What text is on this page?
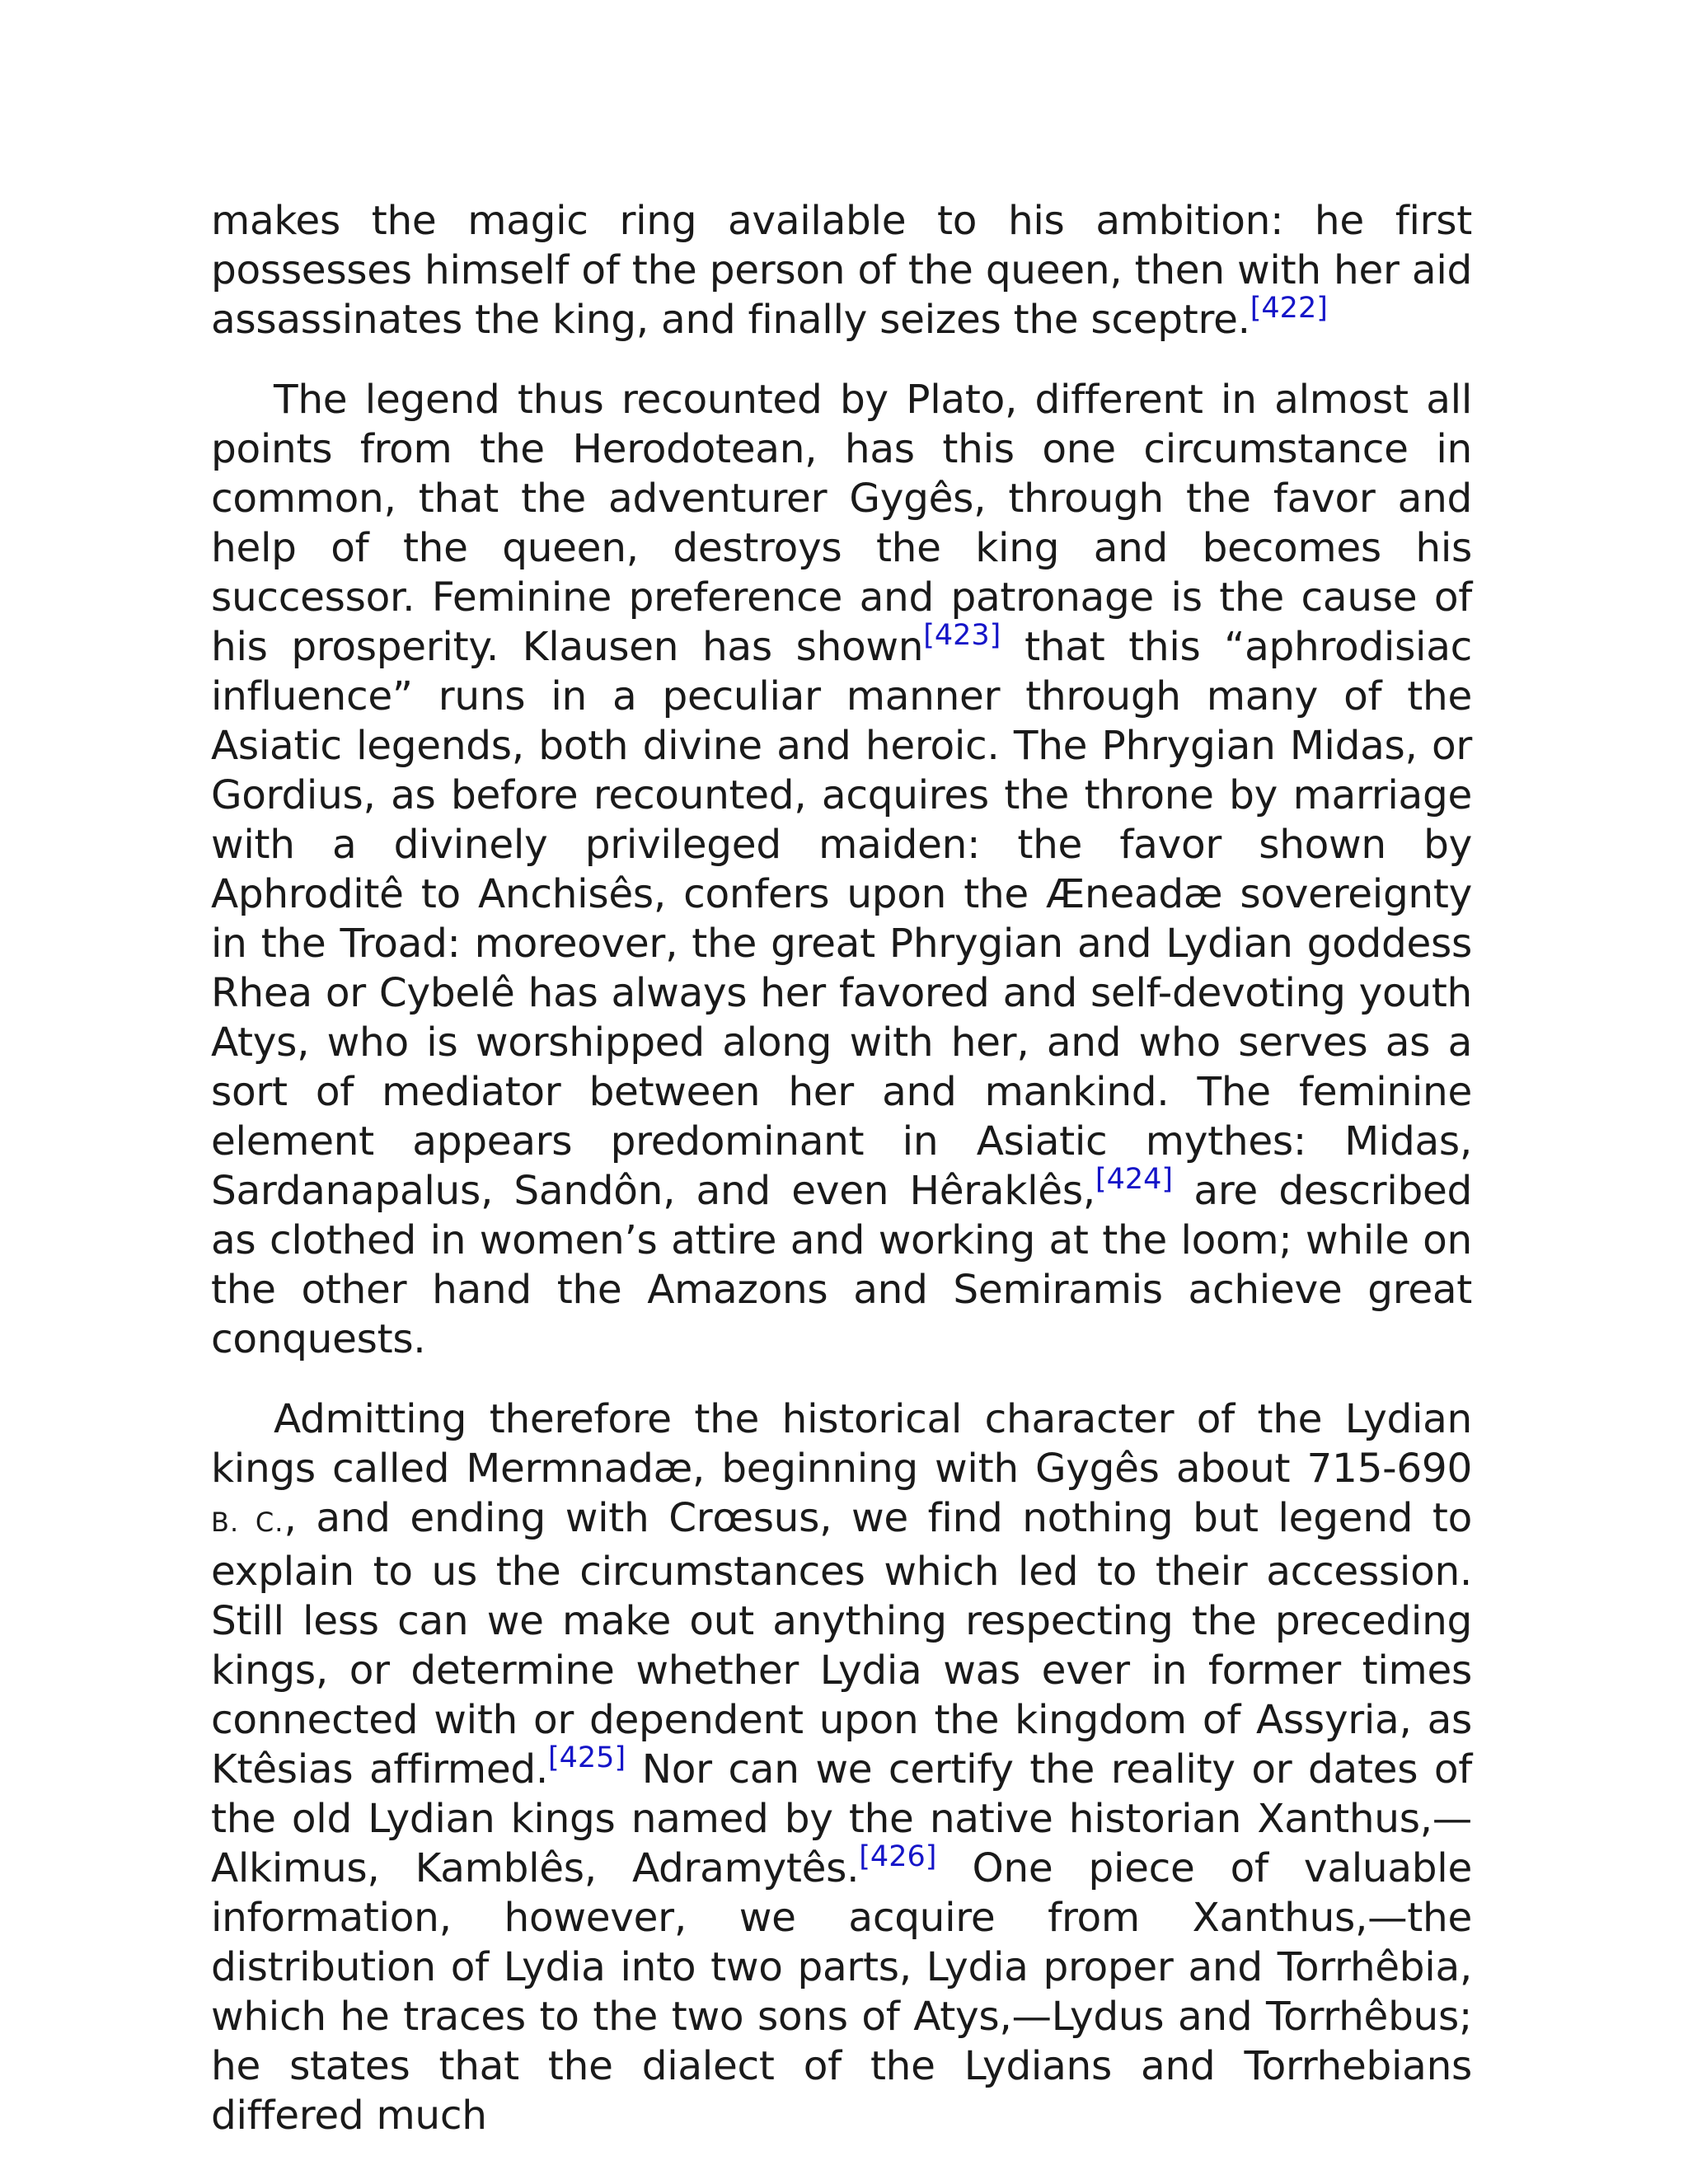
makes the magic ring available to his ambition: he first possesses himself of the person of the queen, then with her aid assassinates the king, and finally seizes the sceptre.[422]

The legend thus recounted by Plato, different in almost all points from the Herodotean, has this one circumstance in common, that the adventurer Gygês, through the favor and help of the queen, destroys the king and becomes his successor. Feminine preference and patronage is the cause of his prosperity. Klausen has shown[423] that this “aphrodisiac influence” runs in a peculiar manner through many of the Asiatic legends, both divine and heroic. The Phrygian Midas, or Gordius, as before recounted, acquires the throne by marriage with a divinely privileged maiden: the favor shown by Aphroditê to Anchisês, confers upon the Æneadæ sovereignty in the Troad: moreover, the great Phrygian and Lydian goddess Rhea or Cybelê has always her favored and self-devoting youth Atys, who is worshipped along with her, and who serves as a sort of mediator between her and mankind. The feminine element appears predominant in Asiatic mythes: Midas, Sardanapalus, Sandôn, and even Hêraklês,[424] are described as clothed in women’s attire and working at the loom; while on the other hand the Amazons and Semiramis achieve great conquests.

Admitting therefore the historical character of the Lydian kings called Mermnadæ, beginning with Gygês about 715-690 B. C., and ending with Crœsus, we find nothing but legend to explain to us the circumstances which led to their accession. Still less can we make out anything respecting the preceding kings, or determine whether Lydia was ever in former times connected with or dependent upon the kingdom of Assyria, as Ktêsias affirmed.[425] Nor can we certify the reality or dates of the old Lydian kings named by the native historian Xanthus,—Alkimus, Kamblês, Adramytês.[426] One piece of valuable information, however, we acquire from Xanthus,—the distribution of Lydia into two parts, Lydia proper and Torrhêbia, which he traces to the two sons of Atys,—Lydus and Torrhêbus; he states that the dialect of the Lydians and Torrhebians differed much
